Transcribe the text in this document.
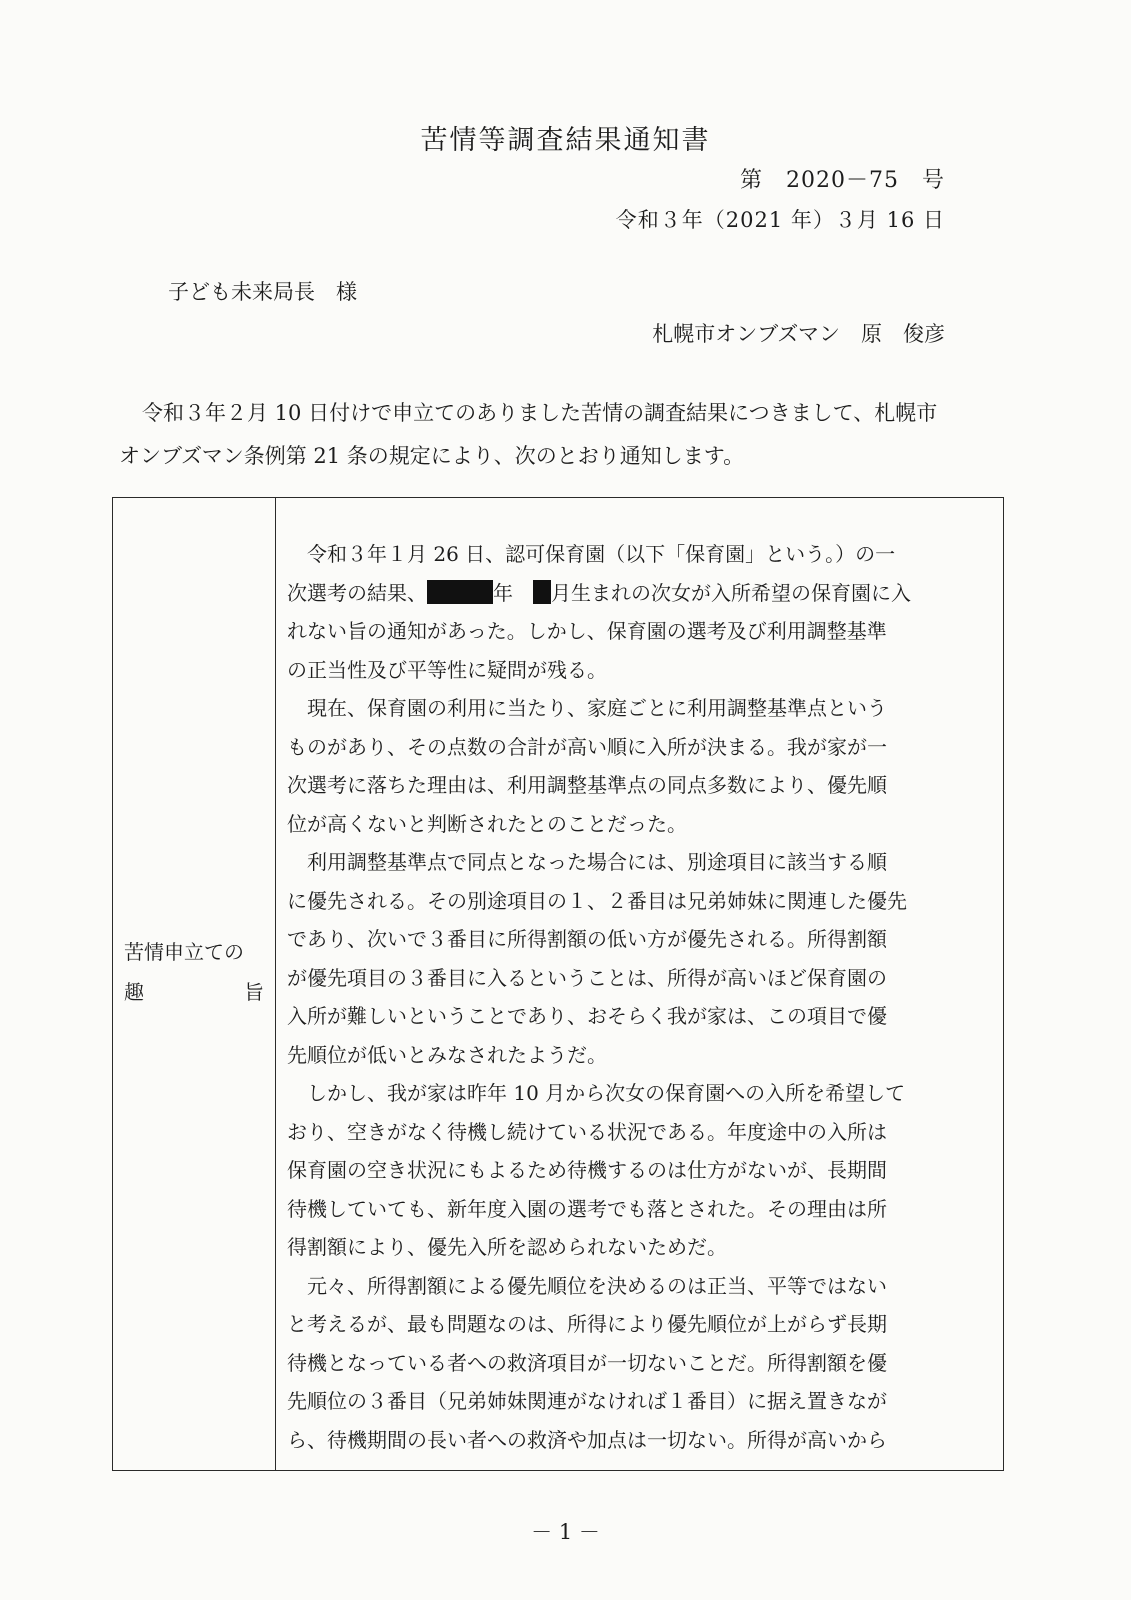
苦情等調査結果通知書
第　2020－75　号
令和３年（2021 年）３月 16 日
子ども未来局長　様
札幌市オンブズマン　原　俊彦
令和３年２月 10 日付けで申立てのありました苦情の調査結果につきまして、札幌市
オンブズマン条例第 21 条の規定により、次のとおり通知します。
苦情申立ての
趣	旨
　令和３年１月 26 日、認可保育園（以下「保育園」という。）の一
次選考の結果、	年　 月生まれの次女が入所希望の保育園に入
れない旨の通知があった。しかし、保育園の選考及び利用調整基準
の正当性及び平等性に疑問が残る。
　現在、保育園の利用に当たり、家庭ごとに利用調整基準点という
ものがあり、その点数の合計が高い順に入所が決まる。我が家が一
次選考に落ちた理由は、利用調整基準点の同点多数により、優先順
位が高くないと判断されたとのことだった。
　利用調整基準点で同点となった場合には、別途項目に該当する順
に優先される。その別途項目の１、２番目は兄弟姉妹に関連した優先
であり、次いで３番目に所得割額の低い方が優先される。所得割額
が優先項目の３番目に入るということは、所得が高いほど保育園の
入所が難しいということであり、おそらく我が家は、この項目で優
先順位が低いとみなされたようだ。
　しかし、我が家は昨年 10 月から次女の保育園への入所を希望して
おり、空きがなく待機し続けている状況である。年度途中の入所は
保育園の空き状況にもよるため待機するのは仕方がないが、長期間
待機していても、新年度入園の選考でも落とされた。その理由は所
得割額により、優先入所を認められないためだ。
　元々、所得割額による優先順位を決めるのは正当、平等ではない
と考えるが、最も問題なのは、所得により優先順位が上がらず長期
待機となっている者への救済項目が一切ないことだ。所得割額を優
先順位の３番目（兄弟姉妹関連がなければ１番目）に据え置きなが
ら、待機期間の長い者への救済や加点は一切ない。所得が高いから
－ 1 －
